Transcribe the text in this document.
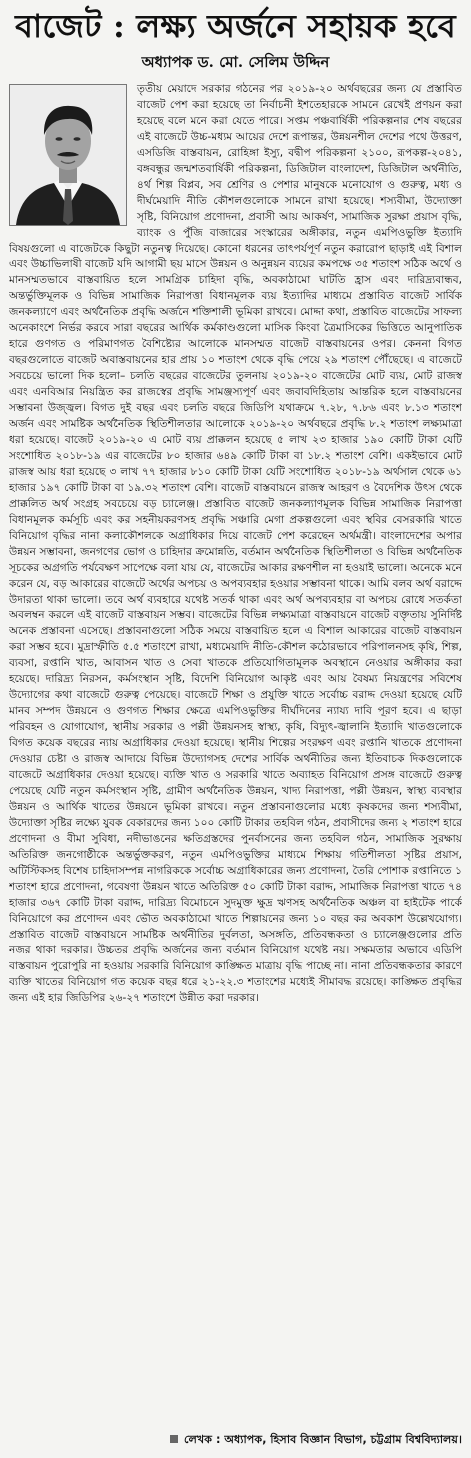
বাজেট : লক্ষ্য অর্জনে সহায়ক হবে
অধ্যাপক ড. মো. সেলিম উদ্দিন
তৃতীয় মেয়াদে সরকার গঠনের পর ২০১৯-২০ অর্থবছরের জন্য যে প্রস্তাবিত বাজেট পেশ করা হয়েছে তা নির্বাচনী ইশতেহারকে সামনে রেখেই প্রণয়ন করা হয়েছে বলে মনে করা যেতে পারে। সপ্তম পঞ্চবার্ষিকী পরিকল্পনার শেষ বছরের এই বাজেটে উচ্চ-মধ্যম আয়ের দেশে রূপান্তর, উন্নয়নশীল দেশের পথে উত্তরণ, এসডিজি বাস্তবায়ন, রোহিঙ্গা ইস্যু, বদ্বীপ পরিকল্পনা ২১০০, রূপকল্প-২০৪১, বঙ্গবন্ধুর জন্মশতবার্ষিকী পরিকল্পনা, ডিজিটাল বাংলাদেশ, ডিজিটাল অর্থনীতি, ৪র্থ শিল্প বিপ্লব, সব শ্রেণির ও পেশার মানুষকে মনোযোগ ও গুরুত্ব, মধ্য ও দীর্ঘমেয়াদি নীতি কৌশলগুলোকে সামনে রাখা হয়েছে। শস্যবীমা, উদ্যোক্তা সৃষ্টি, বিনিয়োগ প্রণোদনা, প্রবাসী আয় আকর্ষণ, সামাজিক সুরক্ষা প্রয়াস বৃদ্ধি, ব্যাংক ও পুঁজি বাজারের সংস্কারের অঙ্গীকার, নতুন এমপিওভুক্তি ইত্যাদি বিষয়গুলো এ বাজেটকে কিছুটা নতুনত্ব দিয়েছে। কোনো ধরনের তাৎপর্যপূর্ণ নতুন করারোপ ছাড়াই এই বিশাল এবং উচ্চাভিলাষী বাজেট যদি আগামী ছয় মাসে উন্নয়ন ও অনুন্নয়ন ব্যয়ের কমপক্ষে ৩৫ শতাংশ সঠিক অর্থে ও মানসম্মতভাবে বাস্তবায়িত হলে সামগ্রিক চাহিদা বৃদ্ধি, অবকাঠামো ঘাটতি হ্রাস এবং দারিদ্র্যবান্ধব, অন্তর্ভুক্তিমূলক ও বিভিন্ন সামাজিক নিরাপত্তা বিধানমূলক ব্যয় ইত্যাদির মাধ্যমে প্রস্তাবিত বাজেট সার্বিক জনকল্যাণে এবং অর্থনৈতিক প্রবৃদ্ধি অর্জনে শক্তিশালী ভূমিকা রাখবে। মোদ্দা কথা, প্রস্তাবিত বাজেটের সাফল্য অনেকাংশে নির্ভর করবে সারা বছরের আর্থিক কর্মকাণ্ডগুলো মাসিক কিংবা ত্রৈমাসিকের ভিত্তিতে আনুপাতিক হারে গুণগত ও পরিমাণগত বৈশিষ্ট্যের আলোকে মানসম্মত বাজেট বাস্তবায়নের ওপর। কেননা বিগত বছরগুলোতে বাজেট অবাস্তবায়নের হার প্রায় ১০ শতাংশ থেকে বৃদ্ধি পেয়ে ২৯ শতাংশ পৌঁছেছে। এ বাজেটে সবচেয়ে ভালো দিক হলো– চলতি বছরের বাজেটের তুলনায় ২০১৯-২০ বাজেটের মোট ব্যয়, মোট রাজস্ব এবং এনবিআর নিয়ন্ত্রিত কর রাজস্বের প্রবৃদ্ধি সামঞ্জস্যপূর্ণ এবং জবাবদিহিতায় আন্তরিক হলে বাস্তবায়নের সম্ভাবনা উজ্জ্বল। বিগত দুই বছর এবং চলতি বছরে জিডিপি যথাক্রমে ৭.২৮, ৭.৮৬ এবং ৮.১৩ শতাংশ অর্জন এবং সামষ্টিক অর্থনৈতিক স্থিতিশীলতার আলোকে ২০১৯-২০ অর্থবছরে প্রবৃদ্ধি ৮.২ শতাংশ লক্ষ্যমাত্রা ধরা হয়েছে। বাজেট ২০১৯-২০ এ মোট ব্যয় প্রাক্কলন হয়েছে ৫ লাখ ২৩ হাজার ১৯০ কোটি টাকা যেটি সংশোধিত ২০১৮-১৯ এর বাজেটের ৮০ হাজার ৬৪৯ কোটি টাকা বা ১৮.২ শতাংশ বেশি। একইভাবে মোট রাজস্ব আয় ধরা হয়েছে ৩ লাখ ৭৭ হাজার ৮১০ কোটি টাকা যেটি সংশোধিত ২০১৮-১৯ অর্থসাল থেকে ৬১ হাজার ১৯৭ কোটি টাকা বা ১৯.৩২ শতাংশ বেশি। বাজেট বাস্তবায়নে রাজস্ব আহরণ ও বৈদেশিক উৎস থেকে প্রাক্কলিত অর্থ সংগ্রহ সবচেয়ে বড় চ্যালেঞ্জ। প্রস্তাবিত বাজেট জনকল্যাণমূলক বিভিন্ন সামাজিক নিরাপত্তা বিধানমূলক কর্মসূচি এবং কর সহনীয়করণসহ প্রবৃদ্ধি সঞ্চারি মেগা প্রকল্পগুলো এবং স্থবির বেসরকারি খাতে বিনিয়োগ বৃদ্ধির নানা কলাকৌশলকে অগ্রাধিকার দিয়ে বাজেট পেশ করেছেন অর্থমন্ত্রী। বাংলাদেশের অপার উন্নয়ন সম্ভাবনা, জনগণের ভোগ ও চাহিদার ক্রমোন্নতি, বর্তমান অর্থনৈতিক স্থিতিশীলতা ও বিভিন্ন অর্থনৈতিক সূচকের অগ্রগতি পর্যবেক্ষণ সাপেক্ষে বলা যায় যে, বাজেটের আকার রক্ষণশীল না হওয়াই ভালো। অনেকে মনে করেন যে, বড় আকারের বাজেটে অর্থের অপচয় ও অপব্যবহার হওয়ার সম্ভাবনা থাকে। আমি বলব অর্থ বরাদ্দে উদারতা থাকা ভালো। তবে অর্থ ব্যবহারে যথেষ্ট সতর্ক থাকা এবং অর্থ অপব্যবহার বা অপচয় রোধে সতর্কতা অবলম্বন করলে এই বাজেট বাস্তবায়ন সম্ভব। বাজেটের বিভিন্ন লক্ষ্যমাত্রা বাস্তবায়নে বাজেট বক্তৃতায় সুনির্দিষ্ট অনেক প্রস্তাবনা এসেছে। প্রস্তাবনাগুলো সঠিক সময়ে বাস্তবায়িত হলে এ বিশাল আকারের বাজেট বাস্তবায়ন করা সম্ভব হবে। মুদ্রাস্ফীতি ৫.৫ শতাংশে রাখা, মধ্যমেয়াদি নীতি-কৌশল কঠোরভাবে পরিপালনসহ কৃষি, শিল্প, ব্যবসা, রপ্তানি খাত, আবাসন খাত ও সেবা খাতকে প্রতিযোগিতামূলক অবস্থানে নেওয়ার অঙ্গীকার করা হয়েছে। দারিদ্র্য নিরসন, কর্মসংস্থান সৃষ্টি, বিদেশি বিনিয়োগ আকৃষ্ট এবং আয় বৈষম্য নিয়ন্ত্রণের সবিশেষ উদ্যোগের কথা বাজেটে গুরুত্ব পেয়েছে। বাজেটে শিক্ষা ও প্রযুক্তি খাতে সর্বোচ্চ বরাদ্দ দেওয়া হয়েছে যেটি মানব সম্পদ উন্নয়নে ও গুণগত শিক্ষার ক্ষেত্রে এমপিওভুক্তির দীর্ঘদিনের ন্যায্য দাবি পূরণ হবে। এ ছাড়া পরিবহন ও যোগাযোগ, স্থানীয় সরকার ও পল্লী উন্নয়নসহ স্বাস্থ্য, কৃষি, বিদ্যুৎ-জ্বালানি ইত্যাদি খাতগুলোকে বিগত কয়েক বছরের ন্যায় অগ্রাধিকার দেওয়া হয়েছে। স্থানীয় শিল্পের সংরক্ষণ এবং রপ্তানি খাতকে প্রণোদনা দেওয়ার চেষ্টা ও রাজস্ব আদায়ে বিভিন্ন উদ্যোগসহ দেশের সার্বিক অর্থনীতির জন্য ইতিবাচক দিকগুলোকে বাজেটে অগ্রাধিকার দেওয়া হয়েছে। ব্যক্তি খাত ও সরকারি খাতে অব্যাহত বিনিয়োগ প্রসঙ্গ বাজেটে গুরুত্ব পেয়েছে যেটি নতুন কর্মসংস্থান সৃষ্টি, গ্রামীণ অর্থনৈতিক উন্নয়ন, খাদ্য নিরাপত্তা, পল্লী উন্নয়ন, স্বাস্থ্য ব্যবস্থার উন্নয়ন ও আর্থিক খাতের উন্নয়নে ভূমিকা রাখবে। নতুন প্রস্তাবনাগুলোর মধ্যে কৃষকদের জন্য শস্যবীমা, উদ্যোক্তা সৃষ্টির লক্ষ্যে যুবক বেকারদের জন্য ১০০ কোটি টাকার তহবিল গঠন, প্রবাসীদের জন্য ২ শতাংশ হারে প্রণোদনা ও বীমা সুবিধা, নদীভাঙনের ক্ষতিগ্রস্তদের পুনর্বাসনের জন্য তহবিল গঠন, সামাজিক সুরক্ষায় অতিরিক্ত জনগোষ্ঠীকে অন্তর্ভুক্তকরণ, নতুন এমপিওভুক্তির মাধ্যমে শিক্ষায় গতিশীলতা সৃষ্টির প্রয়াস, অটিস্টিকসহ বিশেষ চাহিদাসম্পন্ন নাগরিককে সর্বোচ্চ অগ্রাধিকারের জন্য প্রণোদনা, তৈরি পোশাক রপ্তানিতে ১ শতাংশ হারে প্রণোদনা, গবেষণা উন্নয়ন খাতে অতিরিক্ত ৫০ কোটি টাকা বরাদ্দ, সামাজিক নিরাপত্তা খাতে ৭৪ হাজার ৩৬৭ কোটি টাকা বরাদ্দ, দারিদ্র্য বিমোচনে সুদমুক্ত ক্ষুদ্র ঋণসহ অর্থনৈতিক অঞ্চল বা হাইটেক পার্কে বিনিয়োগে কর প্রণোদন এবং ভৌত অবকাঠামো খাতে শিল্পায়নের জন্য ১০ বছর কর অবকাশ উল্লেখযোগ্য। প্রস্তাবিত বাজেট বাস্তবায়নে সামষ্টিক অর্থনীতির দুর্বলতা, অসঙ্গতি, প্রতিবন্ধকতা ও চ্যালেঞ্জগুলোর প্রতি নজর থাকা দরকার। উচ্চতর প্রবৃদ্ধি অর্জনের জন্য বর্তমান বিনিয়োগ যথেষ্ট নয়। সক্ষমতার অভাবে এডিপি বাস্তবায়ন পুরোপুরি না হওয়ায় সরকারি বিনিয়োগ কাঙ্ক্ষিত মাত্রায় বৃদ্ধি পাচ্ছে না। নানা প্রতিবন্ধকতার কারণে ব্যক্তি খাতের বিনিয়োগ গত কয়েক বছর ধরে ২১-২২.৩ শতাংশের মধ্যেই সীমাবদ্ধ রয়েছে। কাঙ্ক্ষিত প্রবৃদ্ধির জন্য এই হার জিডিপির ২৬-২৭ শতাংশে উন্নীত করা দরকার।
লেখক : অধ্যাপক, হিসাব বিজ্ঞান বিভাগ, চট্টগ্রাম বিশ্ববিদ্যালয়।
